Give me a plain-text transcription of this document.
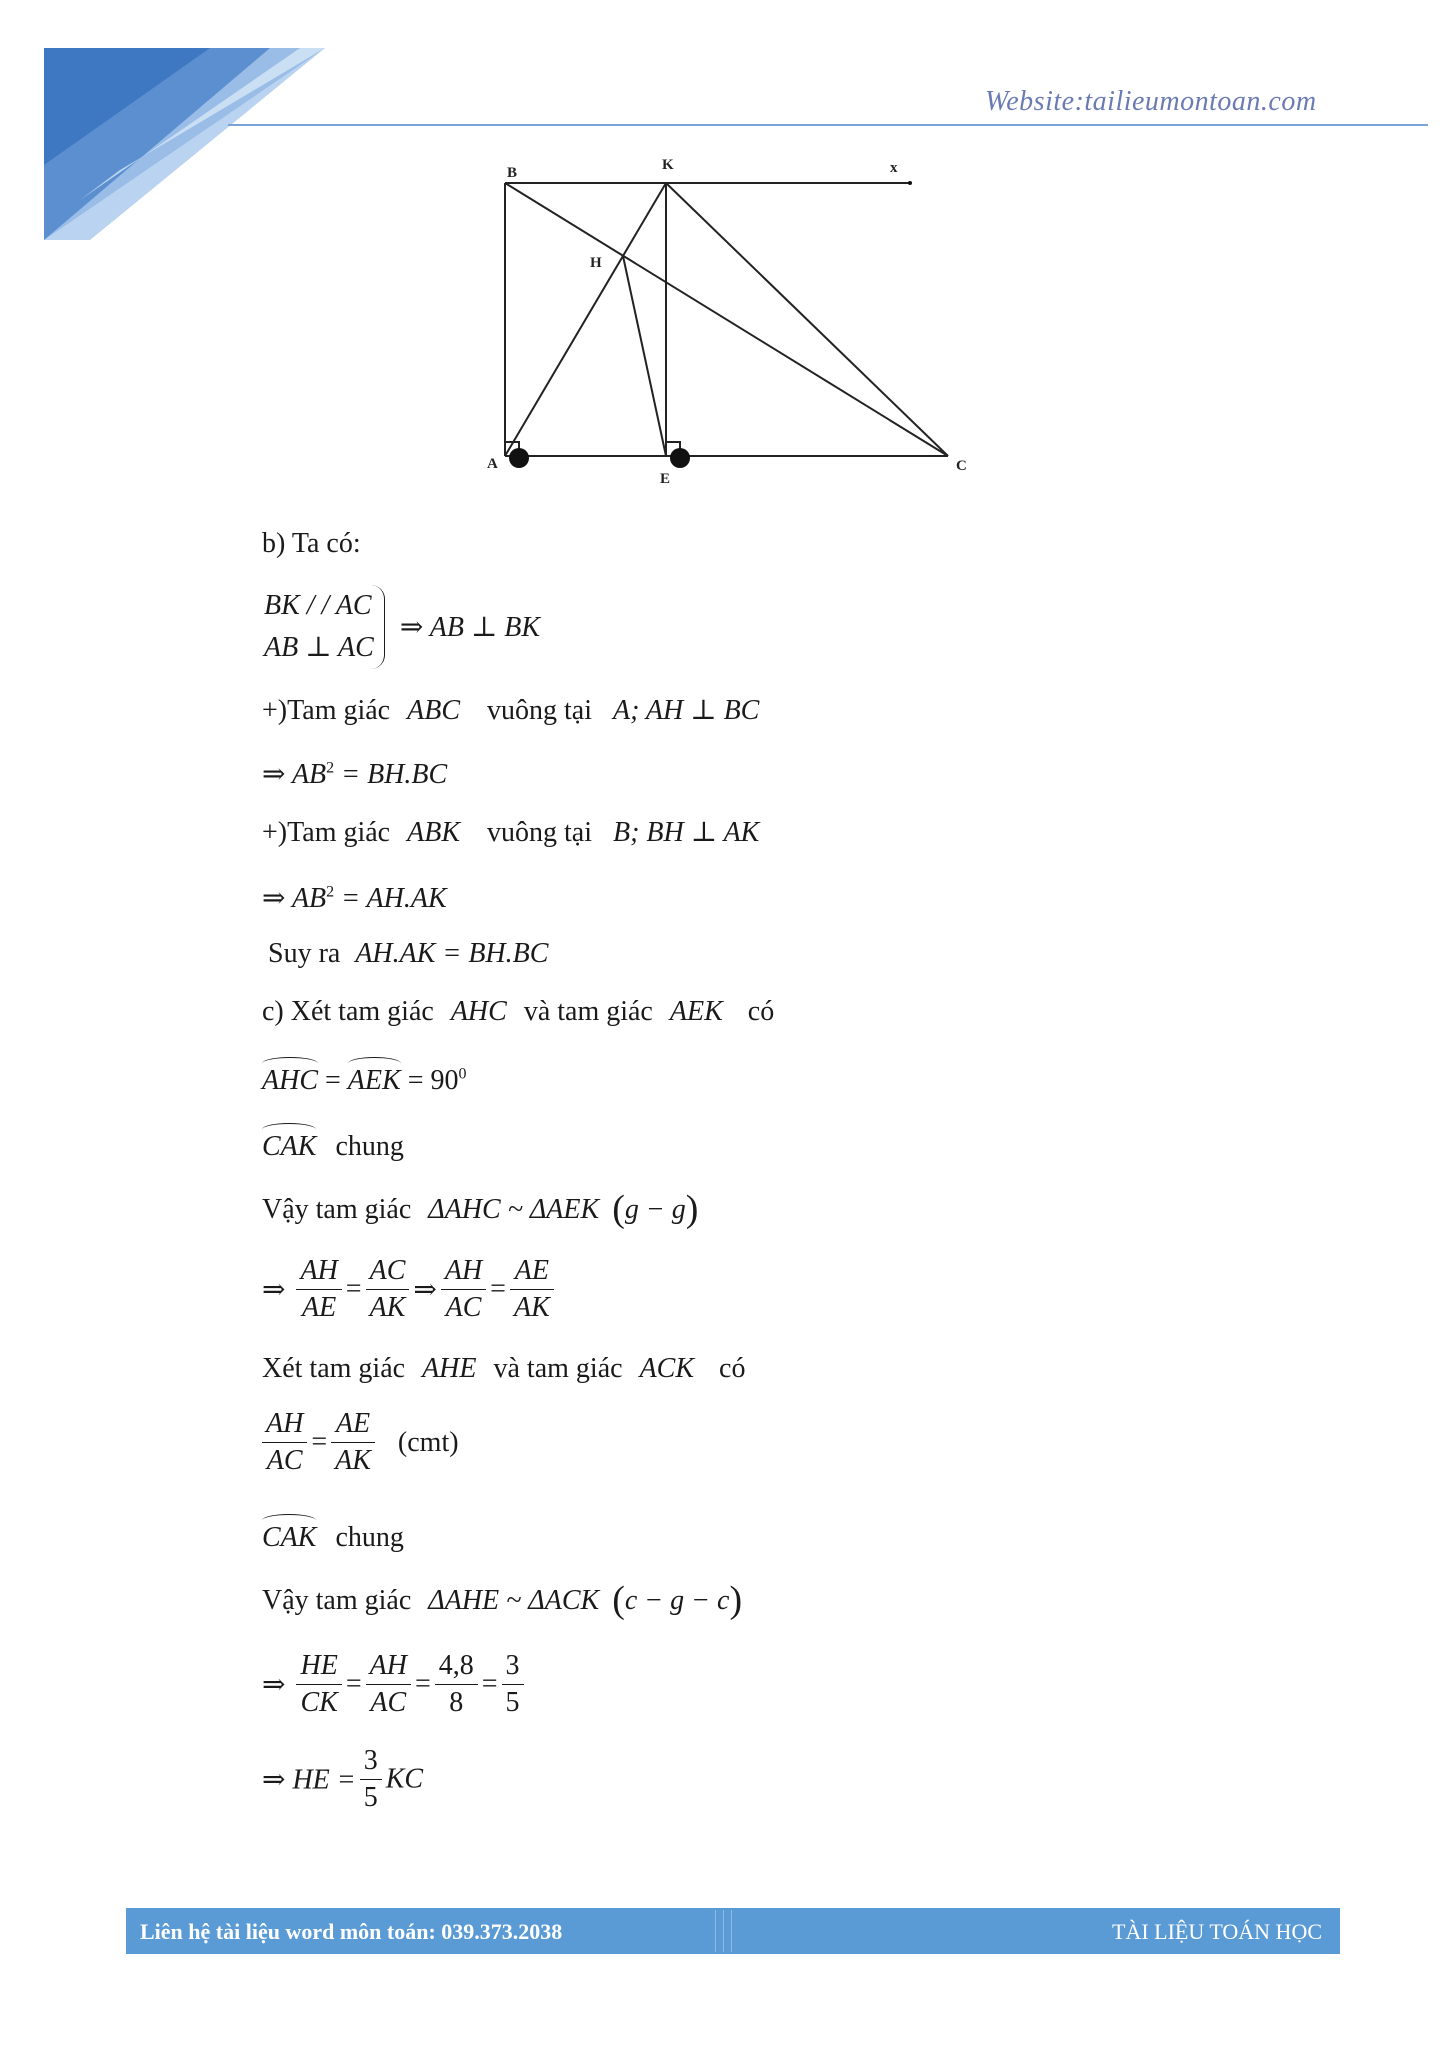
Website:tailieumontoan.com
B	K	x
H
A
E
C
b) Ta có:
BK / / AC
AB ⊥ AC
⇒ AB ⊥ BK
+)Tam giác ABC vuông tại A; AH ⊥ BC
⇒ $AB^2 = BH.BC$
+)Tam giác ABK vuông tại B; BH ⊥ AK
⇒ $AB^2 = AH.AK$
Suy ra AH.AK = BH.BC
c) Xét tam giác AHC và tam giác AEK có
AHC = AEK = $90^0$
CAK chung
Vậy tam giác ΔAHC ~ ΔAEK (g − g)
⇒ $\frac{AH}{AE} = \frac{AC}{AK}$ ⇒ $\frac{AH}{AC} = \frac{AE}{AK}$
Xét tam giác AHE và tam giác ACK có
$\frac{AH}{AC} = \frac{AE}{AK} (cmt)$
CAK chung
Vậy tam giác ΔAHE ~ ΔACK (c − g − c)
⇒ $\frac{HE}{CK} = \frac{AH}{AC} = \frac{4,8}{8} = \frac{3}{5}$
⇒ HE = $\frac{3}{5}$ KC
Liên hệ tài liệu word môn toán: 039.373.2038	TÀI LIỆU TOÁN HỌC
